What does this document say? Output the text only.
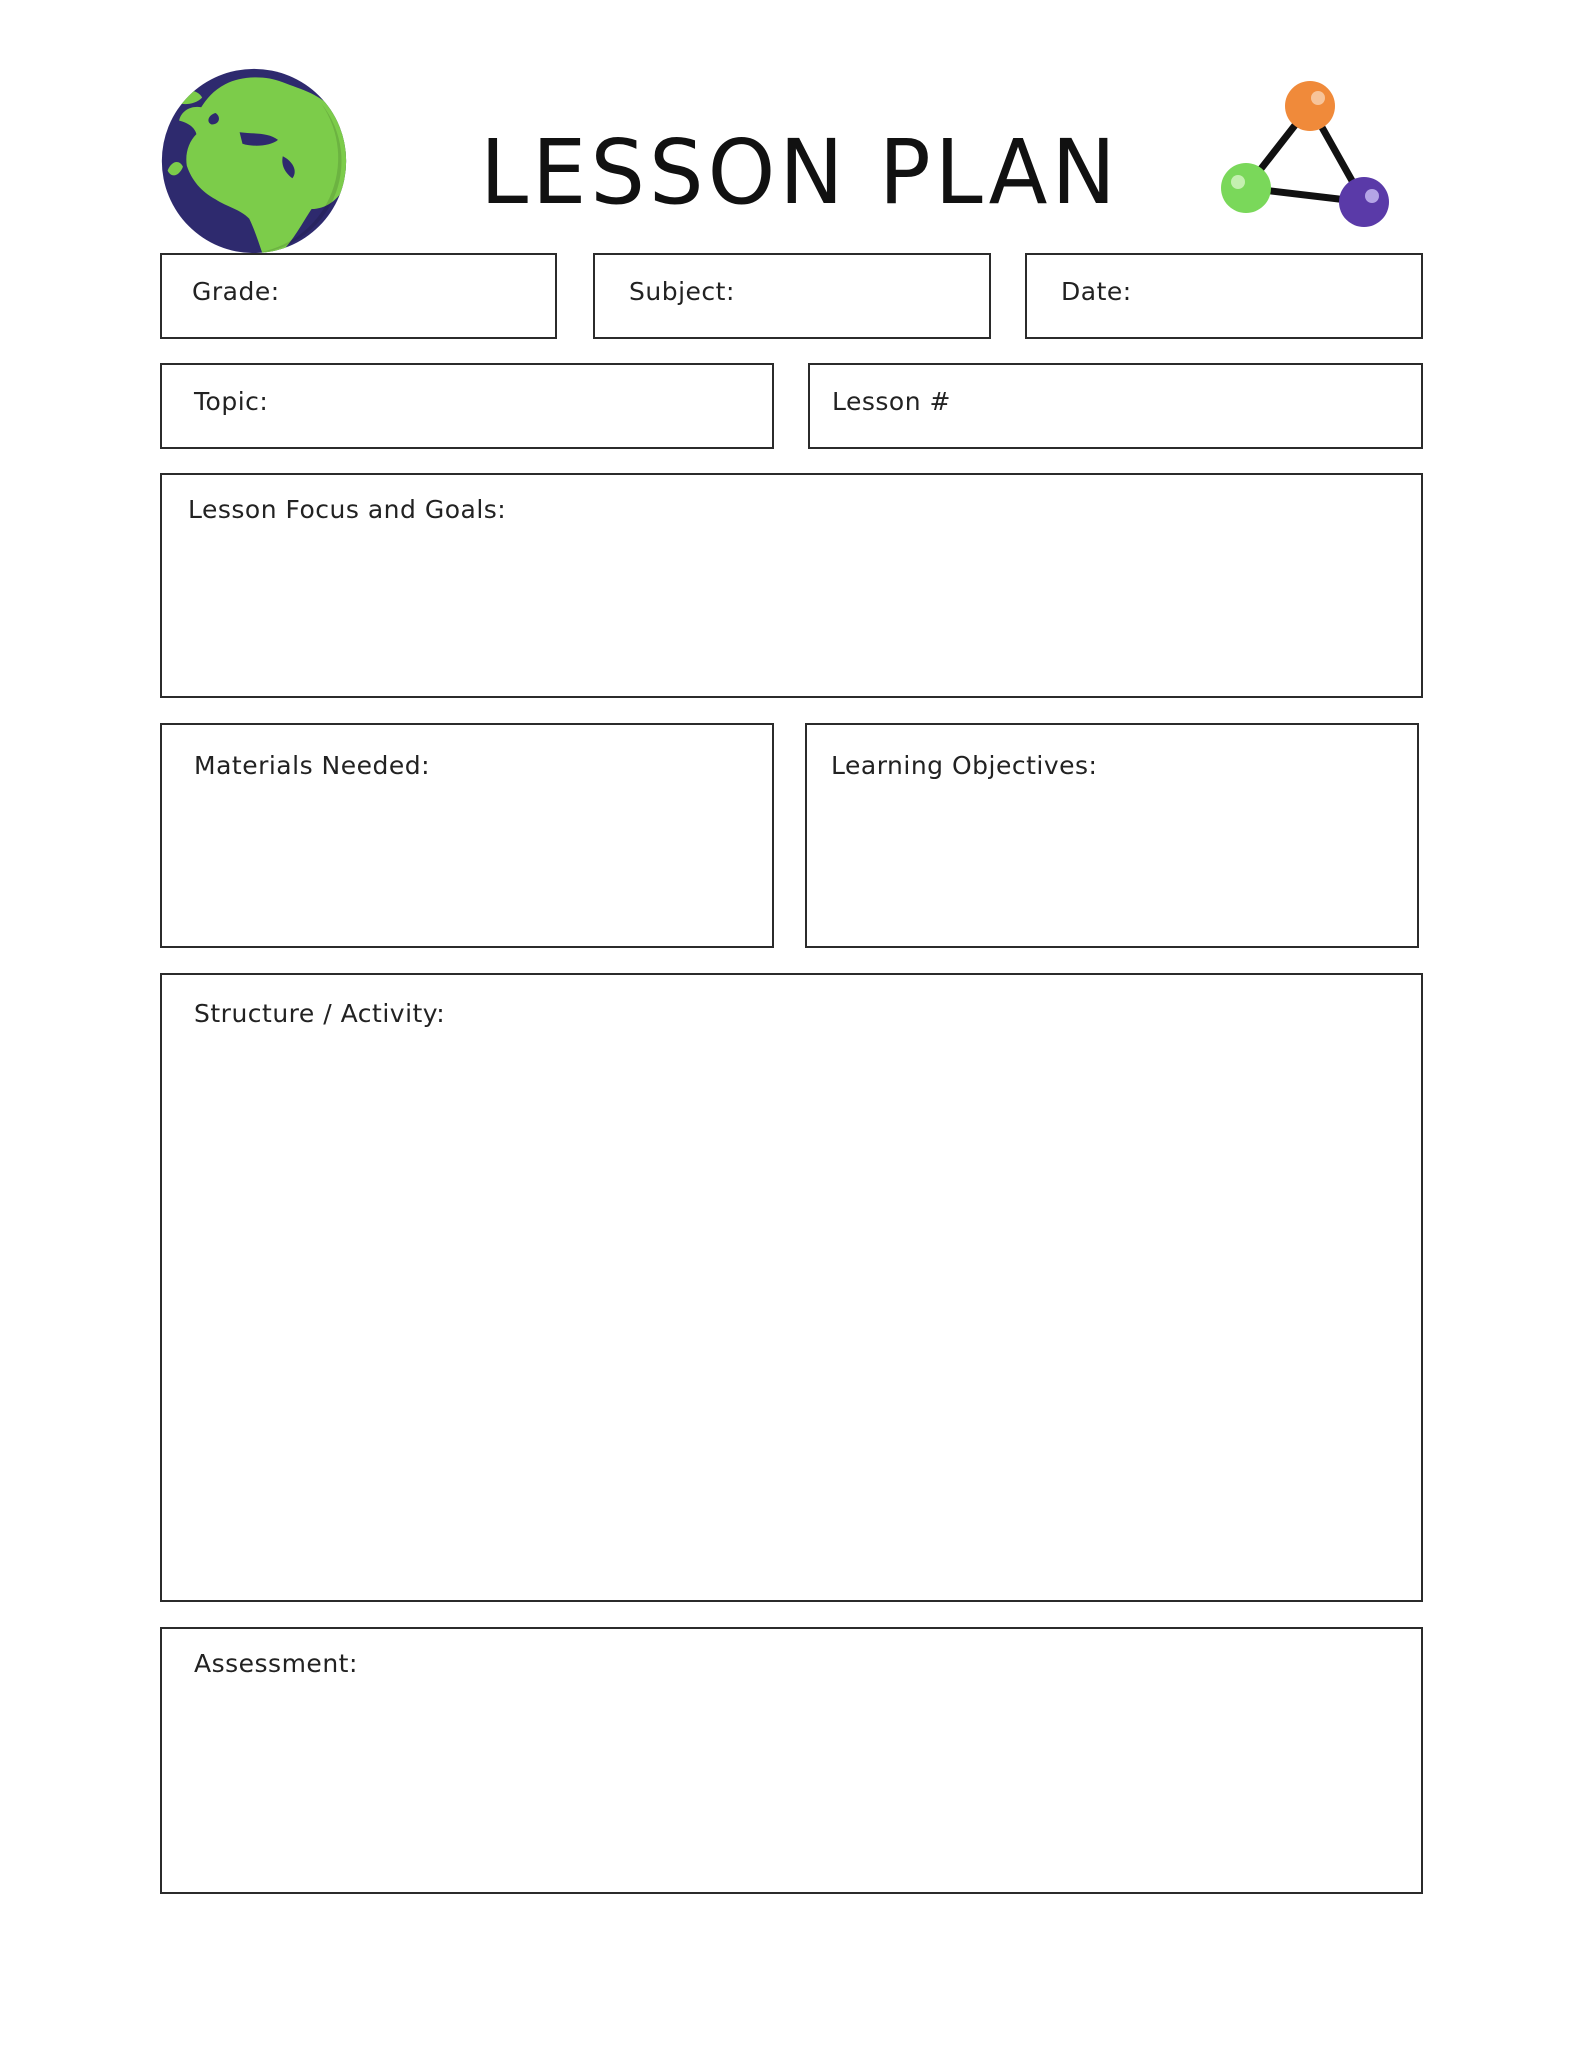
LESSON PLAN
Grade:	Subject:	Date:
Topic:	Lesson #
Lesson Focus and Goals:
Materials Needed:	Learning Objectives:
Structure / Activity:
Assessment:
